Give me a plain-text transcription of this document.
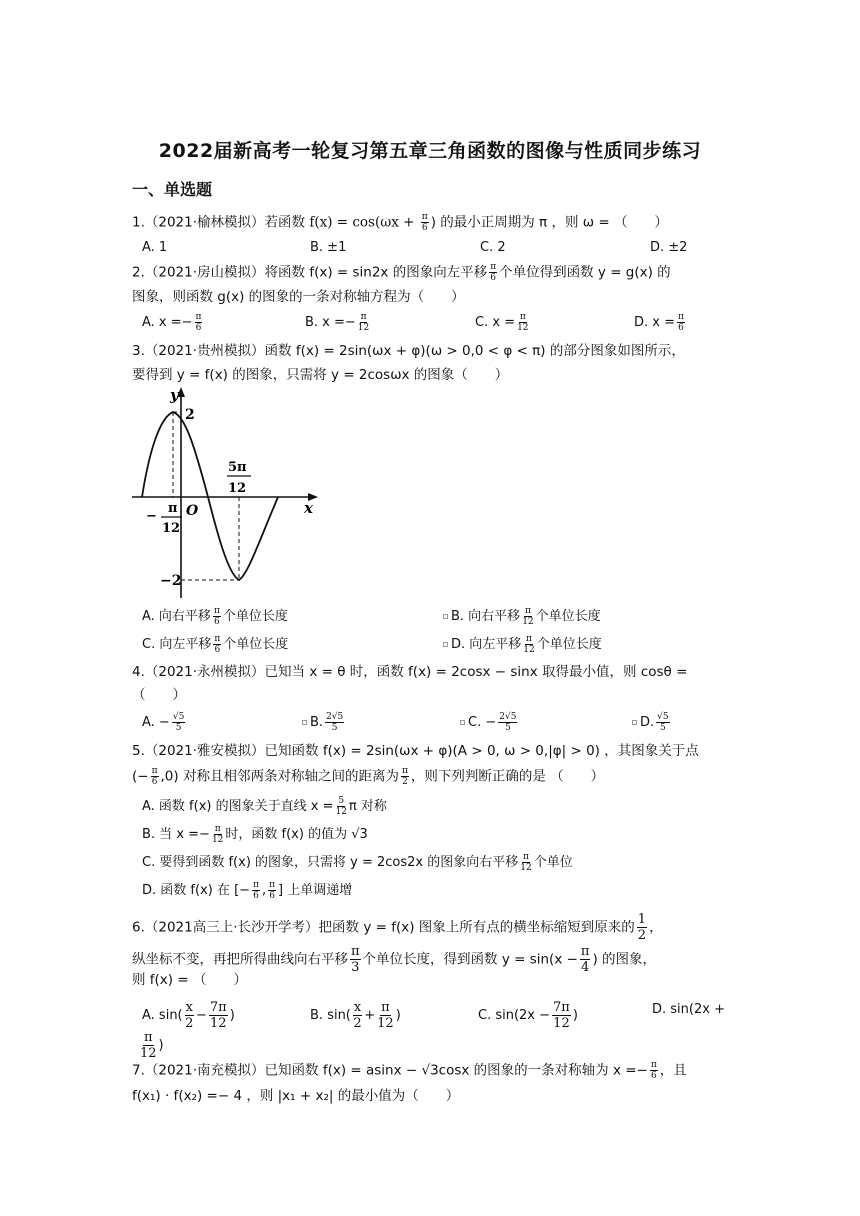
2022届新高考一轮复习第五章三角函数的图像与性质同步练习
一、单选题
1.（2021·榆林模拟）若函数 $f(x) = \cos(\omega x + \frac{\pi}{6}$ ) 的最小正周期为 π ，则 ω = （　　）
A. 1	B. ±1	C. 2	D. ±2
2.（2021·房山模拟）将函数 f(x) = sin2x 的图象向左平移 $\frac{\pi}{6}$ 个单位得到函数 y = g(x) 的
图象，则函数 g(x) 的图象的一条对称轴方程为（　　）
A. $x =- \frac{\pi}{6}$	B. $x =- \frac{\pi}{12}$	C. $x = \frac{\pi}{12}$	D. $x = \frac{\pi}{6}$
3.（2021·贵州模拟）函数 f(x) = 2sin(ωx + φ)(ω > 0,0 < φ < π) 的部分图象如图所示，
要得到 y = f(x) 的图象，只需将 y = 2cosωx 的图象（　　）
y
x
2
−2
O
5π
12
−
π
12
A. 向右平移 $\frac{\pi}{6}$ 个单位长度	B. 向右平移 $\frac{\pi}{12}$ 个单位长度
C. 向左平移 $\frac{\pi}{6}$ 个单位长度	D. 向左平移 $\frac{\pi}{12}$ 个单位长度
4.（2021·永州模拟）已知当 x = θ 时，函数 f(x) = 2cosx − sinx 取得最小值，则 cosθ =
（　　）
A. − $\frac{√5}{5}$	B. $\frac{2√5}{5}$	C. − $\frac{2√5}{5}$	D. $\frac{√5}{5}$
5.（2021·雅安模拟）已知函数 f(x) = 2sin(ωx + φ)(A > 0, ω > 0,|φ| > 0) ，其图象关于点
(− $\frac{\pi}{6} ,0$) 对称且相邻两条对称轴之间的距离为 $\frac{\pi}{2}$ ，则下列判断正确的是 （　　）
A. 函数 f(x) 的图象关于直线 $x = \frac{5}{12}$ π 对称
B. 当 $x =- \frac{\pi}{12}$ 时，函数 f(x) 的值为 √3
C. 要得到函数 f(x) 的图象，只需将 y = 2cos2x 的图象向右平移 $\frac{\pi}{12}$ 个单位
D. 函数 f(x) 在 [− $\frac{\pi}{6}$ , $\frac{\pi}{6}$ ] 上单调递增
6.（2021高三上·长沙开学考）把函数 y = f(x) 图象上所有点的横坐标缩短到原来的 $\frac{1}{2}$ ，
纵坐标不变，再把所得曲线向右平移 $\frac{\pi}{3}$ 个单位长度，得到函数 $y = \sin(x - \frac{\pi}{4}$ ) 的图象，
则 f(x) = （　　）
A. $\sin( \frac{x}{2} - \frac{7\pi}{12}$ )	B. $\sin( \frac{x}{2} + \frac{\pi}{12}$ )	C. $\sin(2x - \frac{7\pi}{12}$ )	D. sin(2x +
$\frac{\pi}{12}$ )
7.（2021·南充模拟）已知函数 f(x) = asinx − √3cosx 的图象的一条对称轴为 $x =- \frac{\pi}{6}$ ，且
f(x₁) · f(x₂) =− 4 ，则 |x₁ + x₂| 的最小值为（　　）
